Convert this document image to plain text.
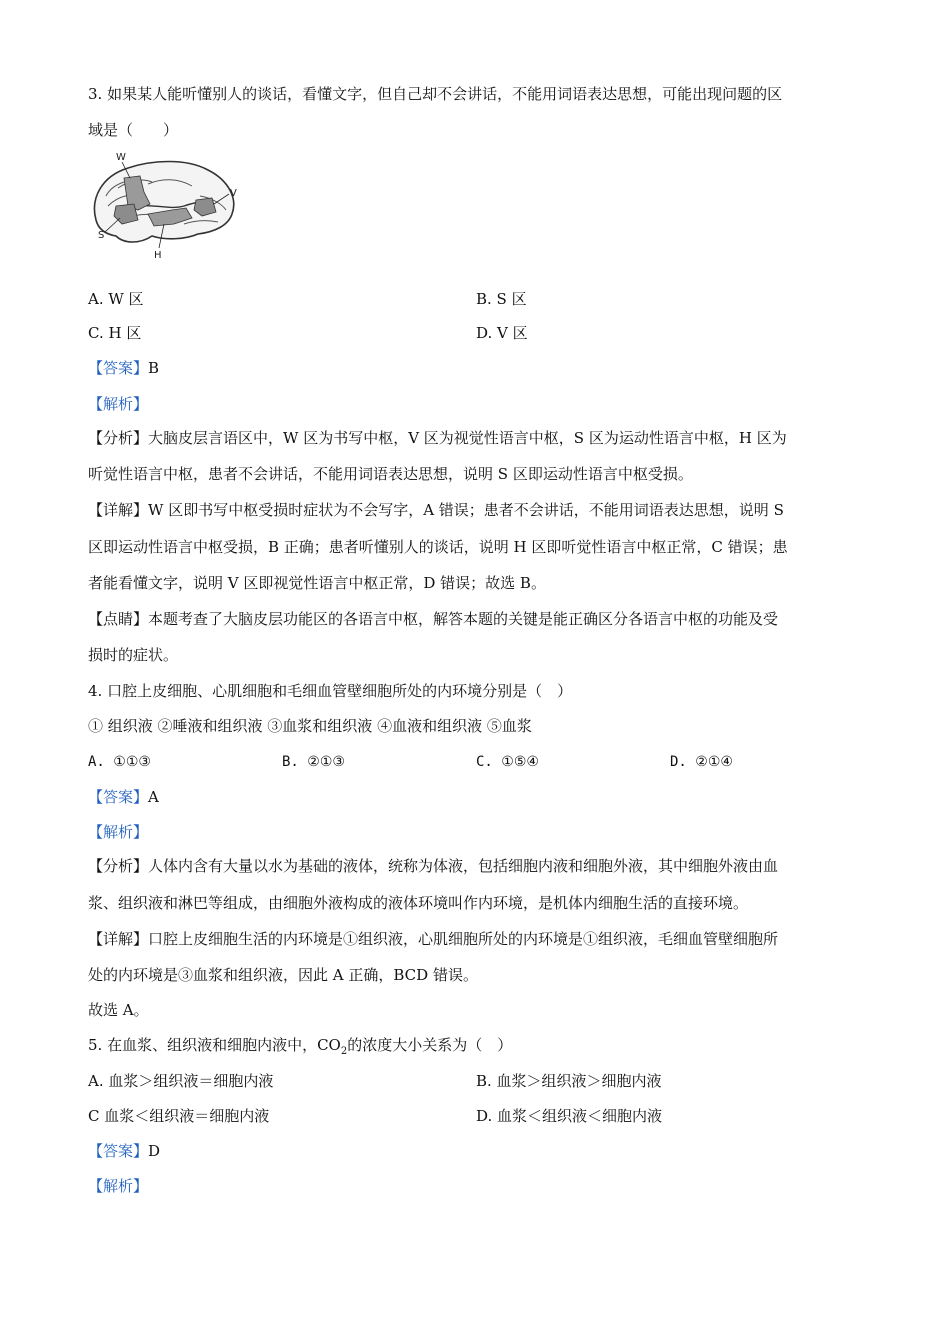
3. 如果某人能听懂别人的谈话，看懂文字，但自己却不会讲话，不能用词语表达思想，可能出现问题的区
域是（　　）
W
V
S
H
A. W 区	B. S 区
C. H 区	D. V 区
【答案】B
【解析】
【分析】大脑皮层言语区中，W 区为书写中枢，V 区为视觉性语言中枢，S 区为运动性语言中枢，H 区为
听觉性语言中枢，患者不会讲话，不能用词语表达思想，说明 S 区即运动性语言中枢受损。
【详解】W 区即书写中枢受损时症状为不会写字，A 错误；患者不会讲话，不能用词语表达思想，说明 S
区即运动性语言中枢受损，B 正确；患者听懂别人的谈话，说明 H 区即听觉性语言中枢正常，C 错误；患
者能看懂文字，说明 V 区即视觉性语言中枢正常，D 错误；故选 B。
【点睛】本题考查了大脑皮层功能区的各语言中枢，解答本题的关键是能正确区分各语言中枢的功能及受
损时的症状。
4. 口腔上皮细胞、心肌细胞和毛细血管壁细胞所处的内环境分别是（　）
① 组织液 ②唾液和组织液 ③血浆和组织液 ④血液和组织液 ⑤血浆
A. ①①③	B. ②①③	C. ①⑤④	D. ②①④
【答案】A
【解析】
【分析】人体内含有大量以水为基础的液体，统称为体液，包括细胞内液和细胞外液，其中细胞外液由血
浆、组织液和淋巴等组成，由细胞外液构成的液体环境叫作内环境，是机体内细胞生活的直接环境。
【详解】口腔上皮细胞生活的内环境是①组织液，心肌细胞所处的内环境是①组织液，毛细血管壁细胞所
处的内环境是③血浆和组织液，因此 A 正确，BCD 错误。
故选 A。
5. 在血浆、组织液和细胞内液中，$CO_2$的浓度大小关系为（　）
A. 血浆＞组织液＝细胞内液	B. 血浆＞组织液＞细胞内液
C 血浆＜组织液＝细胞内液	D. 血浆＜组织液＜细胞内液
【答案】D
【解析】
